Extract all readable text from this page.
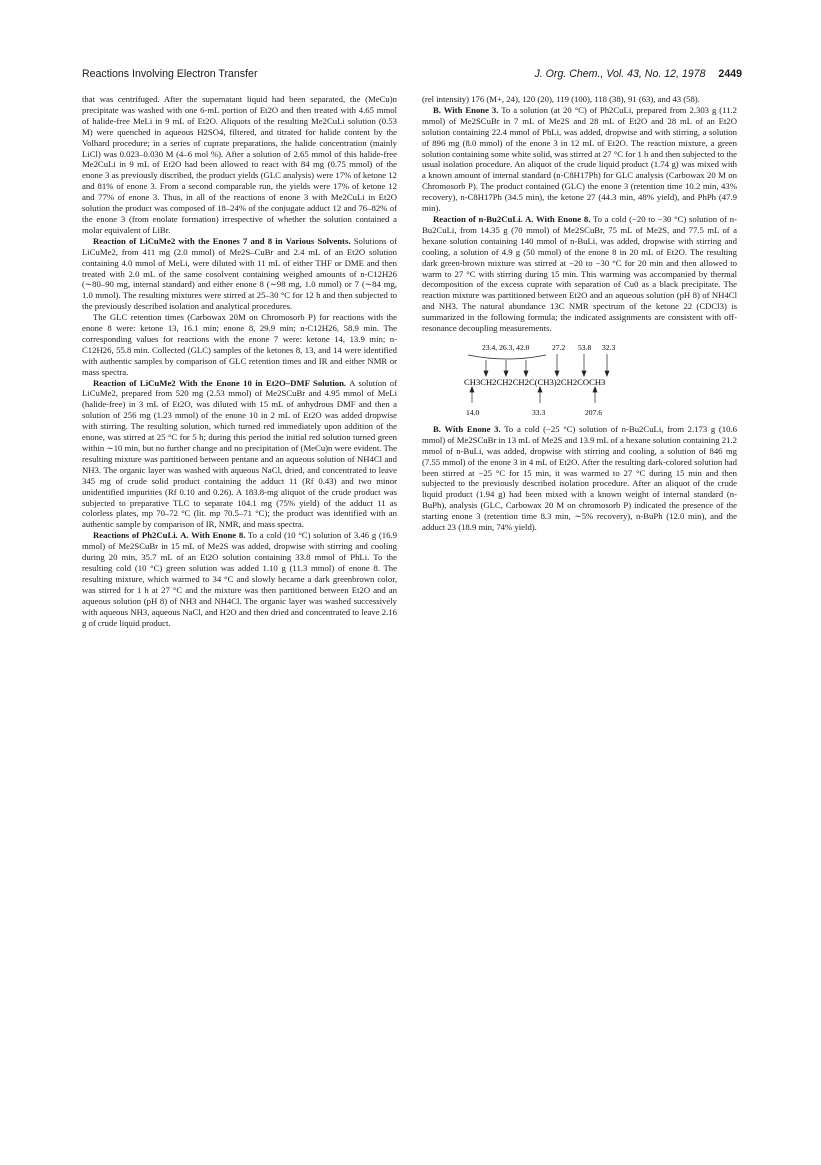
Reactions Involving Electron Transfer	J. Org. Chem., Vol. 43, No. 12, 1978 2449

that was centrifuged. After the supernatant liquid had been separated, the (MeCu)n precipitate was washed with one 6-mL portion of Et2O and then treated with 4.65 mmol of halide-free MeLi in 9 mL of Et2O. Aliquots of the resulting Me2CuLi solution (0.53 M) were quenched in aqueous H2SO4, filtered, and titrated for halide content by the Volhard procedure; in a series of cuprate preparations, the halide concentration (mainly LiCl) was 0.023–0.030 M (4–6 mol %). After a solution of 2.65 mmol of this halide-free Me2CuLi in 9 mL of Et2O had been allowed to react with 84 mg (0.75 mmol) of the enone 3 as previously discribed, the product yields (GLC analysis) were 17% of ketone 12 and 81% of enone 3. From a second comparable run, the yields were 17% of ketone 12 and 77% of enone 3. Thus, in all of the reactions of enone 3 with Me2CuLi in Et2O solution the product was composed of 18–24% of the conjugate adduct 12 and 76–82% of the enone 3 (from enolate formation) irrespective of whether the solution contained a molar equivalent of LiBr.

Reaction of LiCuMe2 with the Enones 7 and 8 in Various Solvents. Solutions of LiCuMe2, from 411 mg (2.0 mmol) of Me2S–CuBr and 2.4 mL of an Et2O solution containing 4.0 mmol of MeLi, were diluted with 11 mL of either THF or DME and then treated with 2.0 mL of the same cosolvent containing weighed amounts of n-C12H26 (∼80–90 mg, internal standard) and either enone 8 (∼98 mg, 1.0 mmol) or 7 (∼84 mg, 1.0 mmol). The resulting mixtures were stirred at 25–30 °C for 12 h and then subjected to the previously described isolation and analytical procedures.

The GLC retention times (Carbowax 20M on Chromosorb P) for reactions with the enone 8 were: ketone 13, 16.1 min; enone 8, 29.9 min; n-C12H26, 58.9 min. The corresponding values for reactions with the enone 7 were: ketone 14, 13.9 min; n-C12H26, 55.8 min. Collected (GLC) samples of the ketones 8, 13, and 14 were identified with authentic samples by comparison of GLC retention times and IR and either NMR or mass spectra.

Reaction of LiCuMe2 With the Enone 10 in Et2O–DMF Solution. A solution of LiCuMe2, prepared from 520 mg (2.53 mmol) of Me2SCuBr and 4.95 mmol of MeLi (halide-free) in 3 mL of Et2O, was diluted with 15 mL of anhydrous DMF and then a solution of 256 mg (1.23 mmol) of the enone 10 in 2 mL of Et2O was added dropwise with stirring. The resulting solution, which turned red immediately upon addition of the enone, was stirred at 25 °C for 5 h; during this period the initial red solution turned green within ∼10 min, but no further change and no precipitation of (MeCu)n were evident. The resulting mixture was partitioned between pentane and an aqueous solution of NH4Cl and NH3. The organic layer was washed with aqueous NaCl, dried, and concentrated to leave 345 mg of crude solid product containing the adduct 11 (Rf 0.43) and two minor unidentified impurities (Rf 0.10 and 0.26). A 183.8-mg aliquot of the crude product was subjected to preparative TLC to separate 104.1 mg (75% yield) of the adduct 11 as colorless plates, mp 70–72 °C (lit. mp 70.5–71 °C); the product was identified with an authentic sample by comparison of IR, NMR, and mass spectra.

Reactions of Ph2CuLi. A. With Enone 8. To a cold (10 °C) solution of 3.46 g (16.9 mmol) of Me2SCuBr in 15 mL of Me2S was added, dropwise with stirring and cooling during 20 min, 35.7 mL of an Et2O solution containing 33.8 mmol of PhLi. To the resulting cold (10 °C) green solution was added 1.10 g (11.3 mmol) of enone 8. The resulting mixture, which warmed to 34 °C and slowly became a dark greenbrown color, was stirred for 1 h at 27 °C and the mixture was then partitioned between Et2O and an aqueous solution (pH 8) of NH3 and NH4Cl. The organic layer was washed successively with aqueous NH3, aqueous NaCl, and H2O and then dried and concentrated to leave 2.16 g of crude liquid product.

(rel intensity) 176 (M+, 24), 120 (20), 119 (100), 118 (38), 91 (63), and 43 (58).

B. With Enone 3. To a solution (at 20 °C) of Ph2CuLi, prepared from 2.303 g (11.2 mmol) of Me2SCuBr in 7 mL of Me2S and 28 mL of Et2O and 28 mL of an Et2O solution containing 22.4 mmol of PhLi, was added, dropwise and with stirring, a solution of 896 mg (8.0 mmol) of the enone 3 in 12 mL of Et2O. The reaction mixture, a green solution containing some white solid, was stirred at 27 °C for 1 h and then subjected to the usual isolation procedure. An aliquot of the crude liquid product (1.74 g) was mixed with a known amount of internal standard (n-C8H17Ph) for GLC analysis (Carbowax 20 M on Chromosorb P). The product contained (GLC) the enone 3 (retention time 10.2 min, 43% recovery), n-C8H17Ph (34.5 min), the ketone 27 (44.3 min, 48% yield), and PhPh (47.9 min).

Reaction of n-Bu2CuLi. A. With Enone 8. To a cold (−20 to −30 °C) solution of n-Bu2CuLi, from 14.35 g (70 mmol) of Me2SCuBr, 75 mL of Me2S, and 77.5 mL of a hexane solution containing 140 mmol of n-BuLi, was added, dropwise with stirring and cooling, a solution of 4.9 g (50 mmol) of the enone 8 in 20 mL of Et2O. The resulting dark green-brown mixture was stirred at −20 to −30 °C for 20 min and then allowed to warm to 27 °C with stirring during 15 min. This warming was accompanied by thermal decomposition of the excess cuprate with separation of Cu0 as a black precipitate. The reaction mixture was partitioned between Et2O and an aqueous solution (pH 8) of NH4Cl and NH3. The natural abundance 13C NMR spectrum of the ketone 22 (CDCl3) is summarized in the following formula; the indicated assignments are consistent with off-resonance decoupling measurements.

23.4, 26.3, 42.0	27.2 53.8 32.3
CH3CH2CH2CH2C(CH3)2CH2COCH3
14.0	33.3	207.6

B. With Enone 3. To a cold (−25 °C) solution of n-Bu2CuLi, from 2.173 g (10.6 mmol) of Me2SCuBr in 13 mL of Me2S and 13.9 mL of a hexane solution containing 21.2 mmol of n-BuLi, was added, dropwise with stirring and cooling, a solution of 846 mg (7.55 mmol) of the enone 3 in 4 mL of Et2O. After the resulting dark-colored solution had been stirred at −25 °C for 15 min, it was warmed to 27 °C during 15 min and then subjected to the previously described isolation procedure. After an aliquot of the crude liquid product (1.94 g) had been mixed with a known weight of internal standard (n-BuPh), analysis (GLC, Carbowax 20 M on chromosorb P) indicated the presence of the starting enone 3 (retention time 8.3 min, ∼5% recovery), n-BuPh (12.0 min), and the adduct 23 (18.9 min, 74% yield).
